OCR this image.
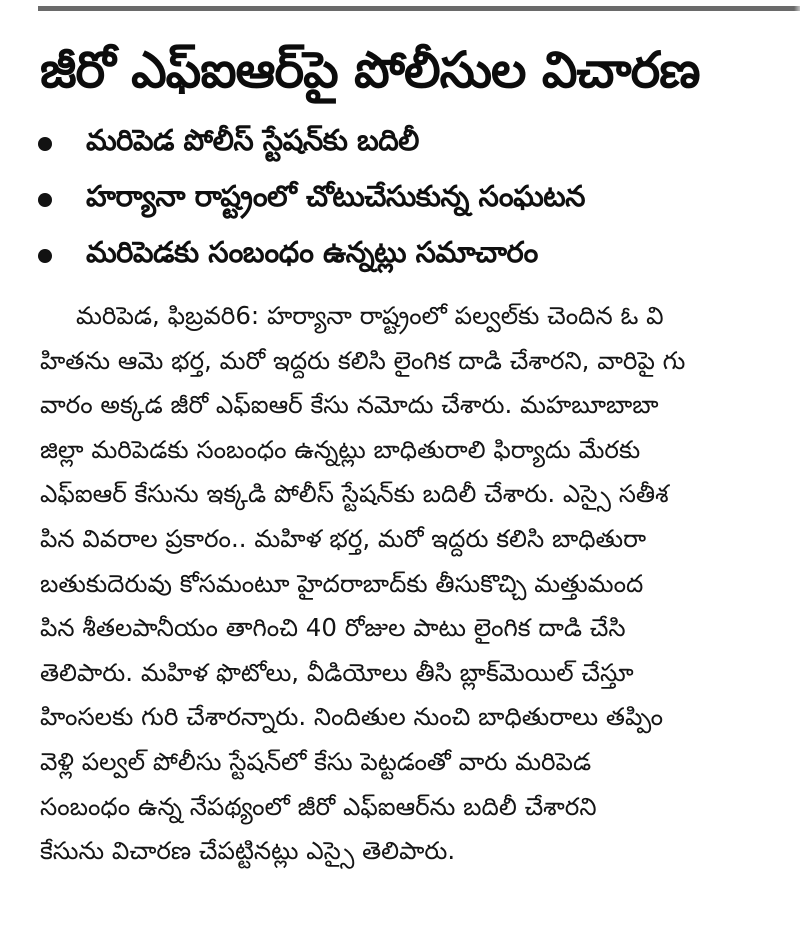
జీరో ఎఫ్ఐఆర్‌పై పోలీసుల విచారణ
మరిపెడ పోలీస్ స్టేషన్‌కు బదిలీ
హర్యానా రాష్ట్రంలో చోటుచేసుకున్న సంఘటన
మరిపెడకు సంబంధం ఉన్నట్లు సమాచారం
మరిపెడ, ఫిబ్రవరి6: హర్యానా రాష్ట్రంలో పల్వల్‌కు చెందిన ఓ వి
హితను ఆమె భర్త, మరో ఇద్దరు కలిసి లైంగిక దాడి చేశారని, వారిపై గు
వారం అక్కడ జీరో ఎఫ్ఐఆర్ కేసు నమోదు చేశారు. మహబూబాబా
జిల్లా మరిపెడకు సంబంధం ఉన్నట్లు బాధితురాలి ఫిర్యాదు మేరకు
ఎఫ్ఐఆర్ కేసును ఇక్కడి పోలీస్ స్టేషన్‌కు బదిలీ చేశారు. ఎస్సై సతీశ
పిన వివరాల ప్రకారం.. మహిళ భర్త, మరో ఇద్దరు కలిసి బాధితురా
బతుకుదెరువు కోసమంటూ హైదరాబాద్‌కు తీసుకొచ్చి మత్తుమంద
పిన శీతలపానీయం తాగించి 40 రోజుల పాటు లైంగిక దాడి చేసి
తెలిపారు. మహిళ ఫొటోలు, వీడియోలు తీసి బ్లాక్‌మెయిల్ చేస్తూ
హింసలకు గురి చేశారన్నారు. నిందితుల నుంచి బాధితురాలు తప్పిం
వెళ్లి పల్వల్ పోలీసు స్టేషన్‌లో కేసు పెట్టడంతో వారు మరిపెడ
సంబంధం ఉన్న నేపథ్యంలో జీరో ఎఫ్ఐఆర్‌ను బదిలీ చేశారని
కేసును విచారణ చేపట్టినట్లు ఎస్సై తెలిపారు.
